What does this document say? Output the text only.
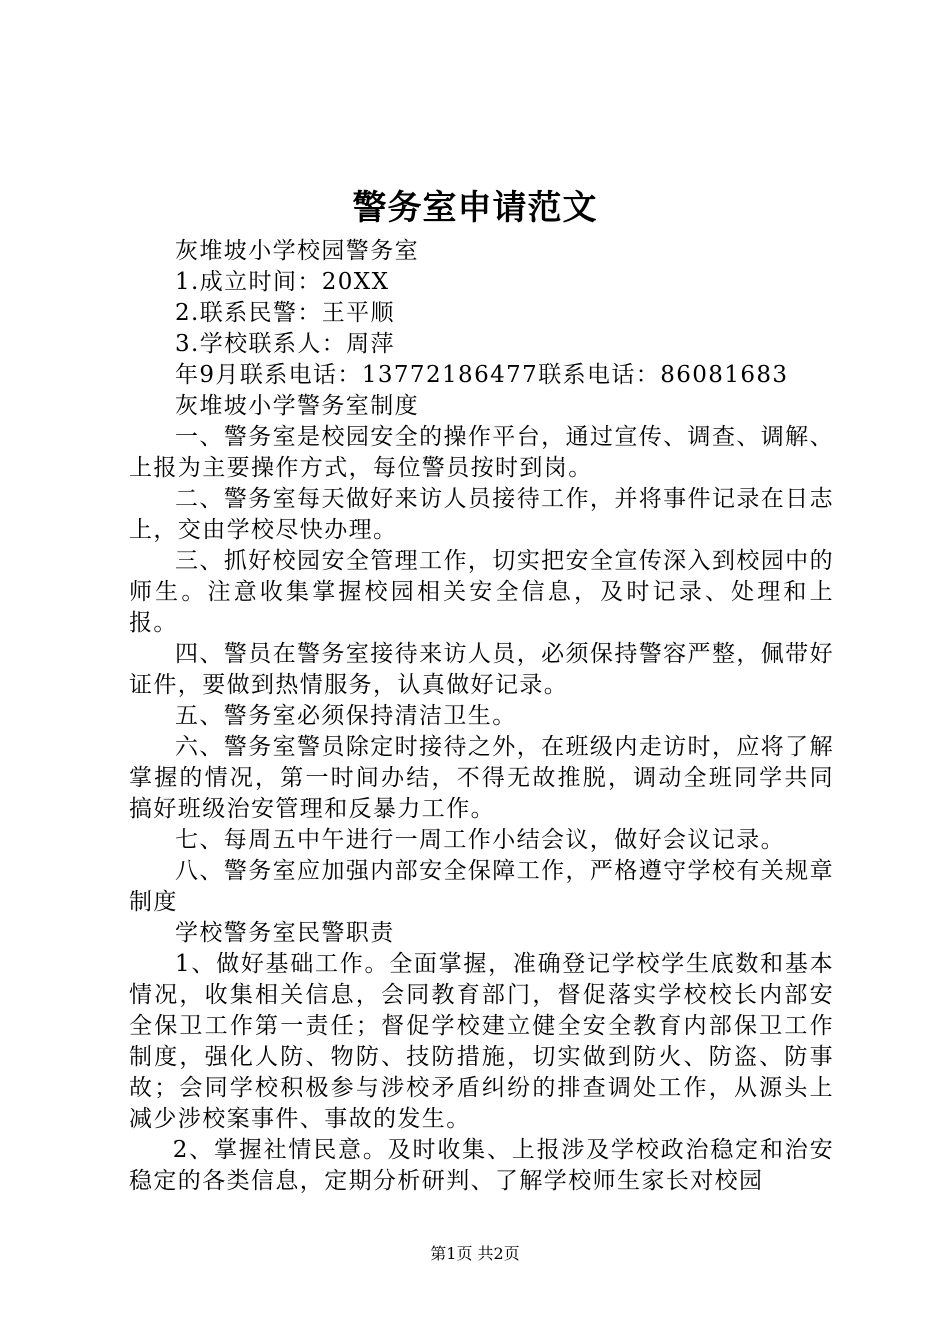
警务室申请范文

灰堆坡小学校园警务室

1.成立时间：20XX

2.联系民警：王平顺

3.学校联系人：周萍

年9月联系电话：13772186477联系电话：86081683

灰堆坡小学警务室制度

一、警务室是校园安全的操作平台，通过宣传、调查、调解、上报为主要操作方式，每位警员按时到岗。

二、警务室每天做好来访人员接待工作，并将事件记录在日志上，交由学校尽快办理。

三、抓好校园安全管理工作，切实把安全宣传深入到校园中的师生。注意收集掌握校园相关安全信息，及时记录、处理和上报。

四、警员在警务室接待来访人员，必须保持警容严整，佩带好证件，要做到热情服务，认真做好记录。

五、警务室必须保持清洁卫生。

六、警务室警员除定时接待之外，在班级内走访时，应将了解掌握的情况，第一时间办结，不得无故推脱，调动全班同学共同搞好班级治安管理和反暴力工作。

七、每周五中午进行一周工作小结会议，做好会议记录。

八、警务室应加强内部安全保障工作，严格遵守学校有关规章制度

学校警务室民警职责

1、做好基础工作。全面掌握，准确登记学校学生底数和基本情况，收集相关信息，会同教育部门，督促落实学校校长内部安全保卫工作第一责任；督促学校建立健全安全教育内部保卫工作制度，强化人防、物防、技防措施，切实做到防火、防盗、防事故；会同学校积极参与涉校矛盾纠纷的排查调处工作，从源头上减少涉校案事件、事故的发生。

2、掌握社情民意。及时收集、上报涉及学校政治稳定和治安稳定的各类信息，定期分析研判、了解学校师生家长对校园

第1页 共2页
